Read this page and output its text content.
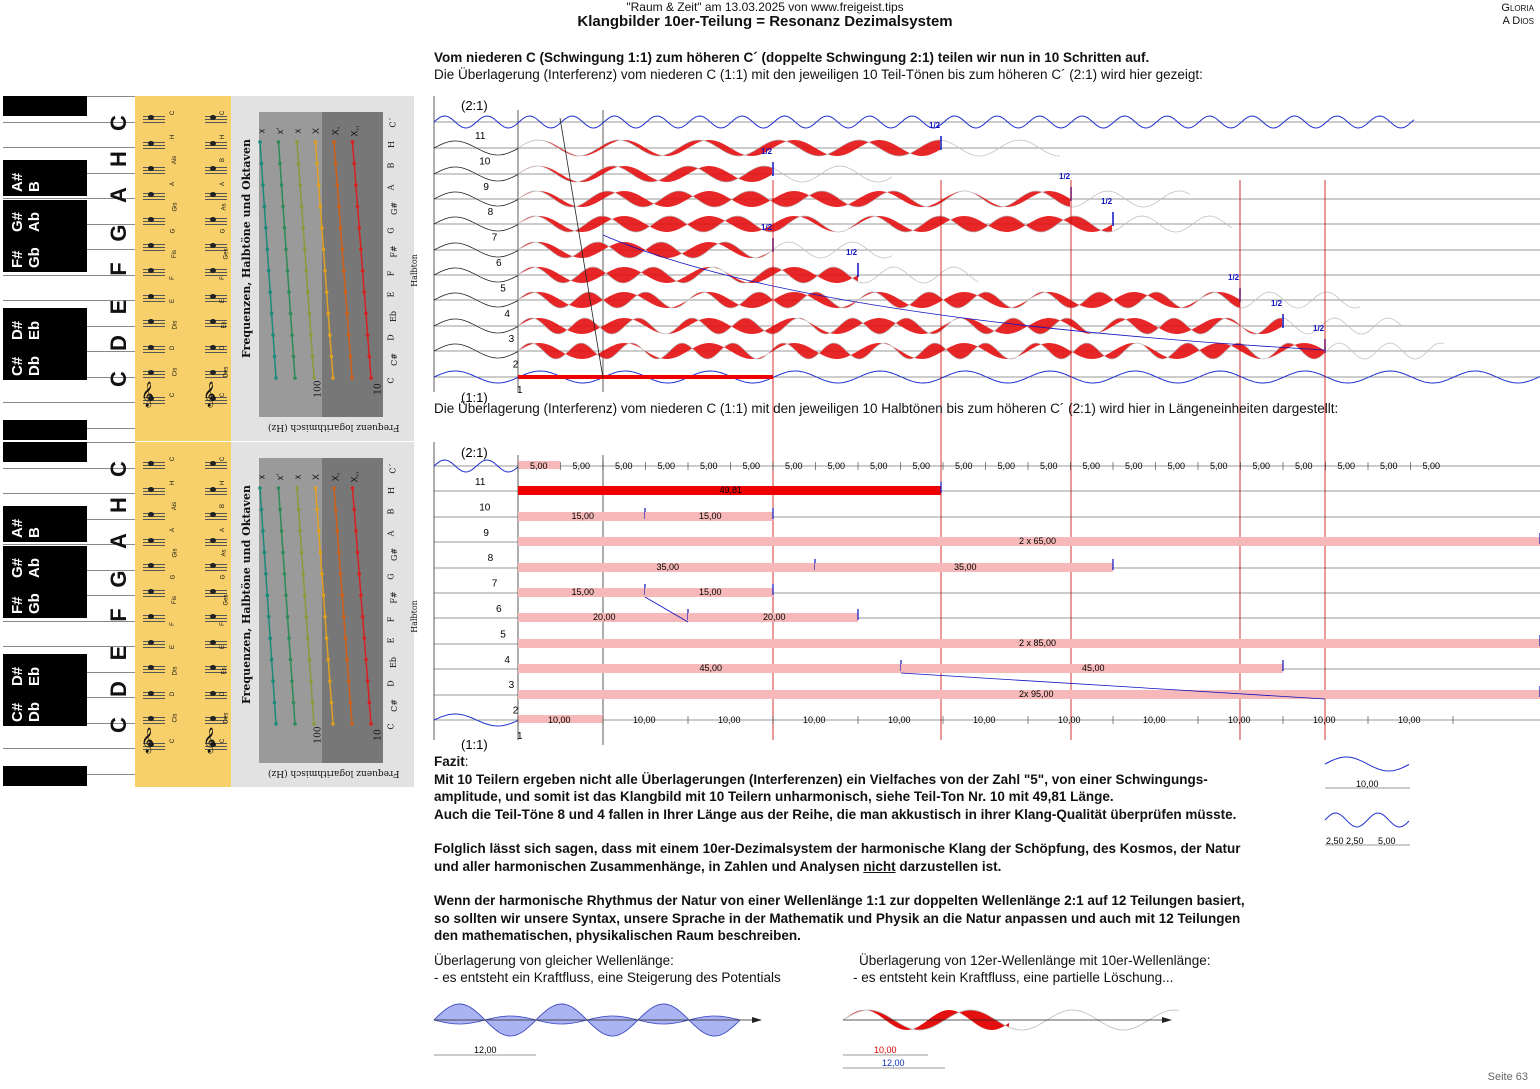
"Raum & Zeit" am 13.03.2025 von www.freigeist.tips
Klangbilder 10er-Teilung = Resonanz Dezimalsystem
Gloria
A Dios
Vom niederen C (Schwingung 1:1) zum höheren C´ (doppelte Schwingung 2:1) teilen wir nun in 10 Schritten auf.
Die Überlagerung (Interferenz) vom niederen C (1:1) mit den jeweiligen 10 Teil-Tönen bis zum höheren C´ (2:1) wird hier gezeigt:
C
H
A
G
F
E
D
C
A# B
G# Ab
F# Gb
D# Eb
C# Db
𝄞 𝄞
C
H
Ais
A
Gis
G
Fis
F
E
Dis
D
Cis
C
C
H
B
A
As
G
Ges
F
E
Es
D
Des
C
Frequenzen, Halbtöne und Oktaven
Frequenz logarithmisch (Hz)
100	10
x x' x X X, X,,
C´
H
B
A
G#
G
F#
F
E
Eb
D
C#
C
Halbton
C
H
A
G
F
E
D
C
A# B
G# Ab
F# Gb
D# Eb
C# Db
𝄞 𝄞
C
H
Ais
A
Gis
G
Fis
F
E
Dis
D
Cis
C
C
H
B
A
As
G
Ges
F
E
Es
D
Des
C
Frequenzen, Halbtöne und Oktaven
Frequenz logarithmisch (Hz)
100	10
x x' x X X, X,,
C´
H
B
A
G#
G
F#
F
E
Eb
D
C#
C
Halbton
(2:1)
(1:1)
11
10
9
8
7
6
5
4
3
2
1
1/2
1/2
1/2
1/2
1/2
1/2
1/2
1/2
1/2
(2:1)
(1:1)
11
10
9
8
7
6
5
4
3
2
1
5,00	5,00	5,00	5,00	5,00	5,00	5,00	5,00	5,00	5,00	5,00	5,00	5,00	5,00	5,00	5,00	5,00	5,00	5,00	5,00	5,00	5,00
10,00	10,00	10,00	10,00	10,00	10,00	10,00	10,00	10,00	10,00	10,00
49,81
15,00	15,00
2 x 65,00
35,00	35,00
15,00	15,00
20,00	20,00
2 x 85,00
45,00	45,00
2x 95,00
10,00
2,50 2,50 5,00
12,00	10,00
12,00
Die Überlagerung (Interferenz) vom niederen C (1:1) mit den jeweiligen 10 Halbtönen bis zum höheren C´ (2:1) wird hier in Längeneinheiten dargestellt:
Fazit:
Mit 10 Teilern ergeben nicht alle Überlagerungen (Interferenzen) ein Vielfaches von der Zahl "5", von einer Schwingungs-
amplitude, und somit ist das Klangbild mit 10 Teilern unharmonisch, siehe Teil-Ton Nr. 10 mit 49,81 Länge.
Auch die Teil-Töne 8 und 4 fallen in Ihrer Länge aus der Reihe, die man akkustisch in ihrer Klang-Qualität überprüfen müsste.
Folglich lässt sich sagen, dass mit einem 10er-Dezimalsystem der harmonische Klang der Schöpfung, des Kosmos, der Natur
und aller harmonischen Zusammenhänge, in Zahlen und Analysen nicht darzustellen ist.
Wenn der harmonische Rhythmus der Natur von einer Wellenlänge 1:1 zur doppelten Wellenlänge 2:1 auf 12 Teilungen basiert,
so sollten wir unsere Syntax, unsere Sprache in der Mathematik und Physik an die Natur anpassen und auch mit 12 Teilungen
den mathematischen, physikalischen Raum beschreiben.
Überlagerung von gleicher Wellenlänge:
- es entsteht ein Kraftfluss, eine Steigerung des Potentials
Überlagerung von 12er-Wellenlänge mit 10er-Wellenlänge:
- es entsteht kein Kraftfluss, eine partielle Löschung...
Seite 63
